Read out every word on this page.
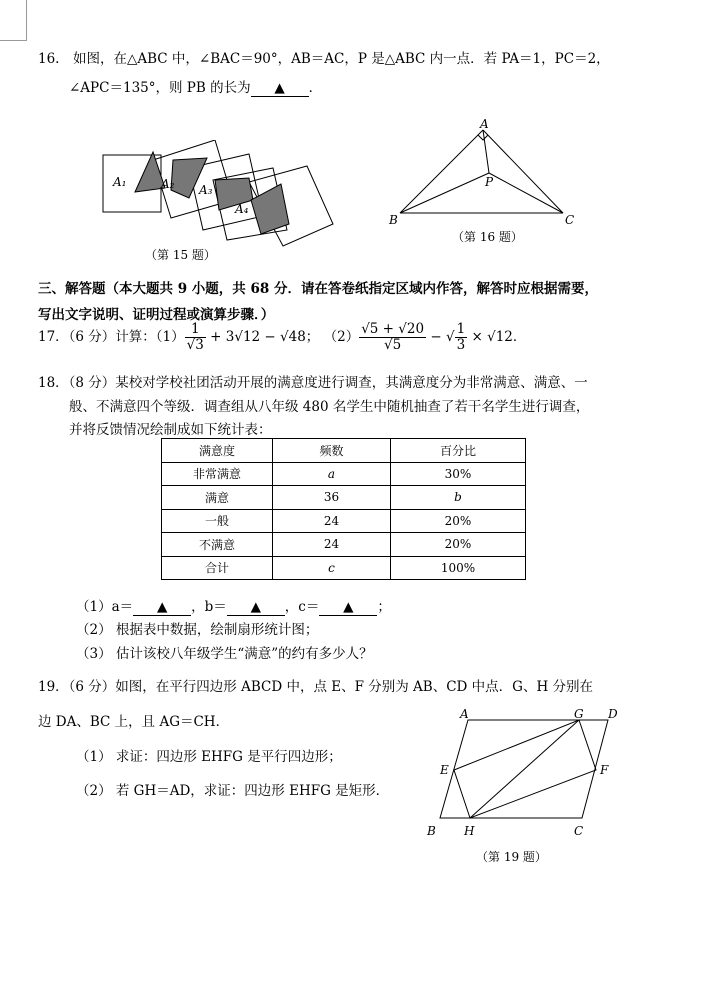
16.　如图，在△ABC 中，∠BAC＝90°，AB＝AC，P 是△ABC 内一点．若 PA＝1，PC＝2，
∠APC＝135°，则 PB 的长为 ▲ ．
A₁	A₂ A₃
A₄
（第 15 题）
A
P
B	C
（第 16 题）
三、解答题（本大题共 9 小题，共 68 分．请在答卷纸指定区域内作答，解答时应根据需要，
写出文字说明、证明过程或演算步骤．）
17．（6 分）计算：$(1) \frac{1}{√3} + 3√12 - √48$； $(2) \frac{√5 + √20}{√5}$ − √ $\frac{1}{3} \times √12$．
18．（8 分）某校对学校社团活动开展的满意度进行调查，其满意度分为非常满意、满意、一
般、不满意四个等级．调查组从八年级 480 名学生中随机抽查了若干名学生进行调查，
并将反馈情况绘制成如下统计表：
满意度	频数	百分比
非常满意	a	30%
满意	36	b
一般	24	20%
不满意	24	20%
合计	c	100%
（1）a＝ ▲ ，b＝ ▲ ，c＝ ▲ ；
（2） 根据表中数据，绘制扇形统计图；
（3） 估计该校八年级学生“满意”的约有多少人？
19．（6 分）如图，在平行四边形 ABCD 中，点 E、F 分别为 AB、CD 中点．G、H 分别在
边 DA、BC 上，且 AG＝CH．
（1） 求证：四边形 EHFG 是平行四边形；
（2） 若 GH＝AD，求证：四边形 EHFG 是矩形．
A	G D
E	F
B H	C
（第 19 题）
